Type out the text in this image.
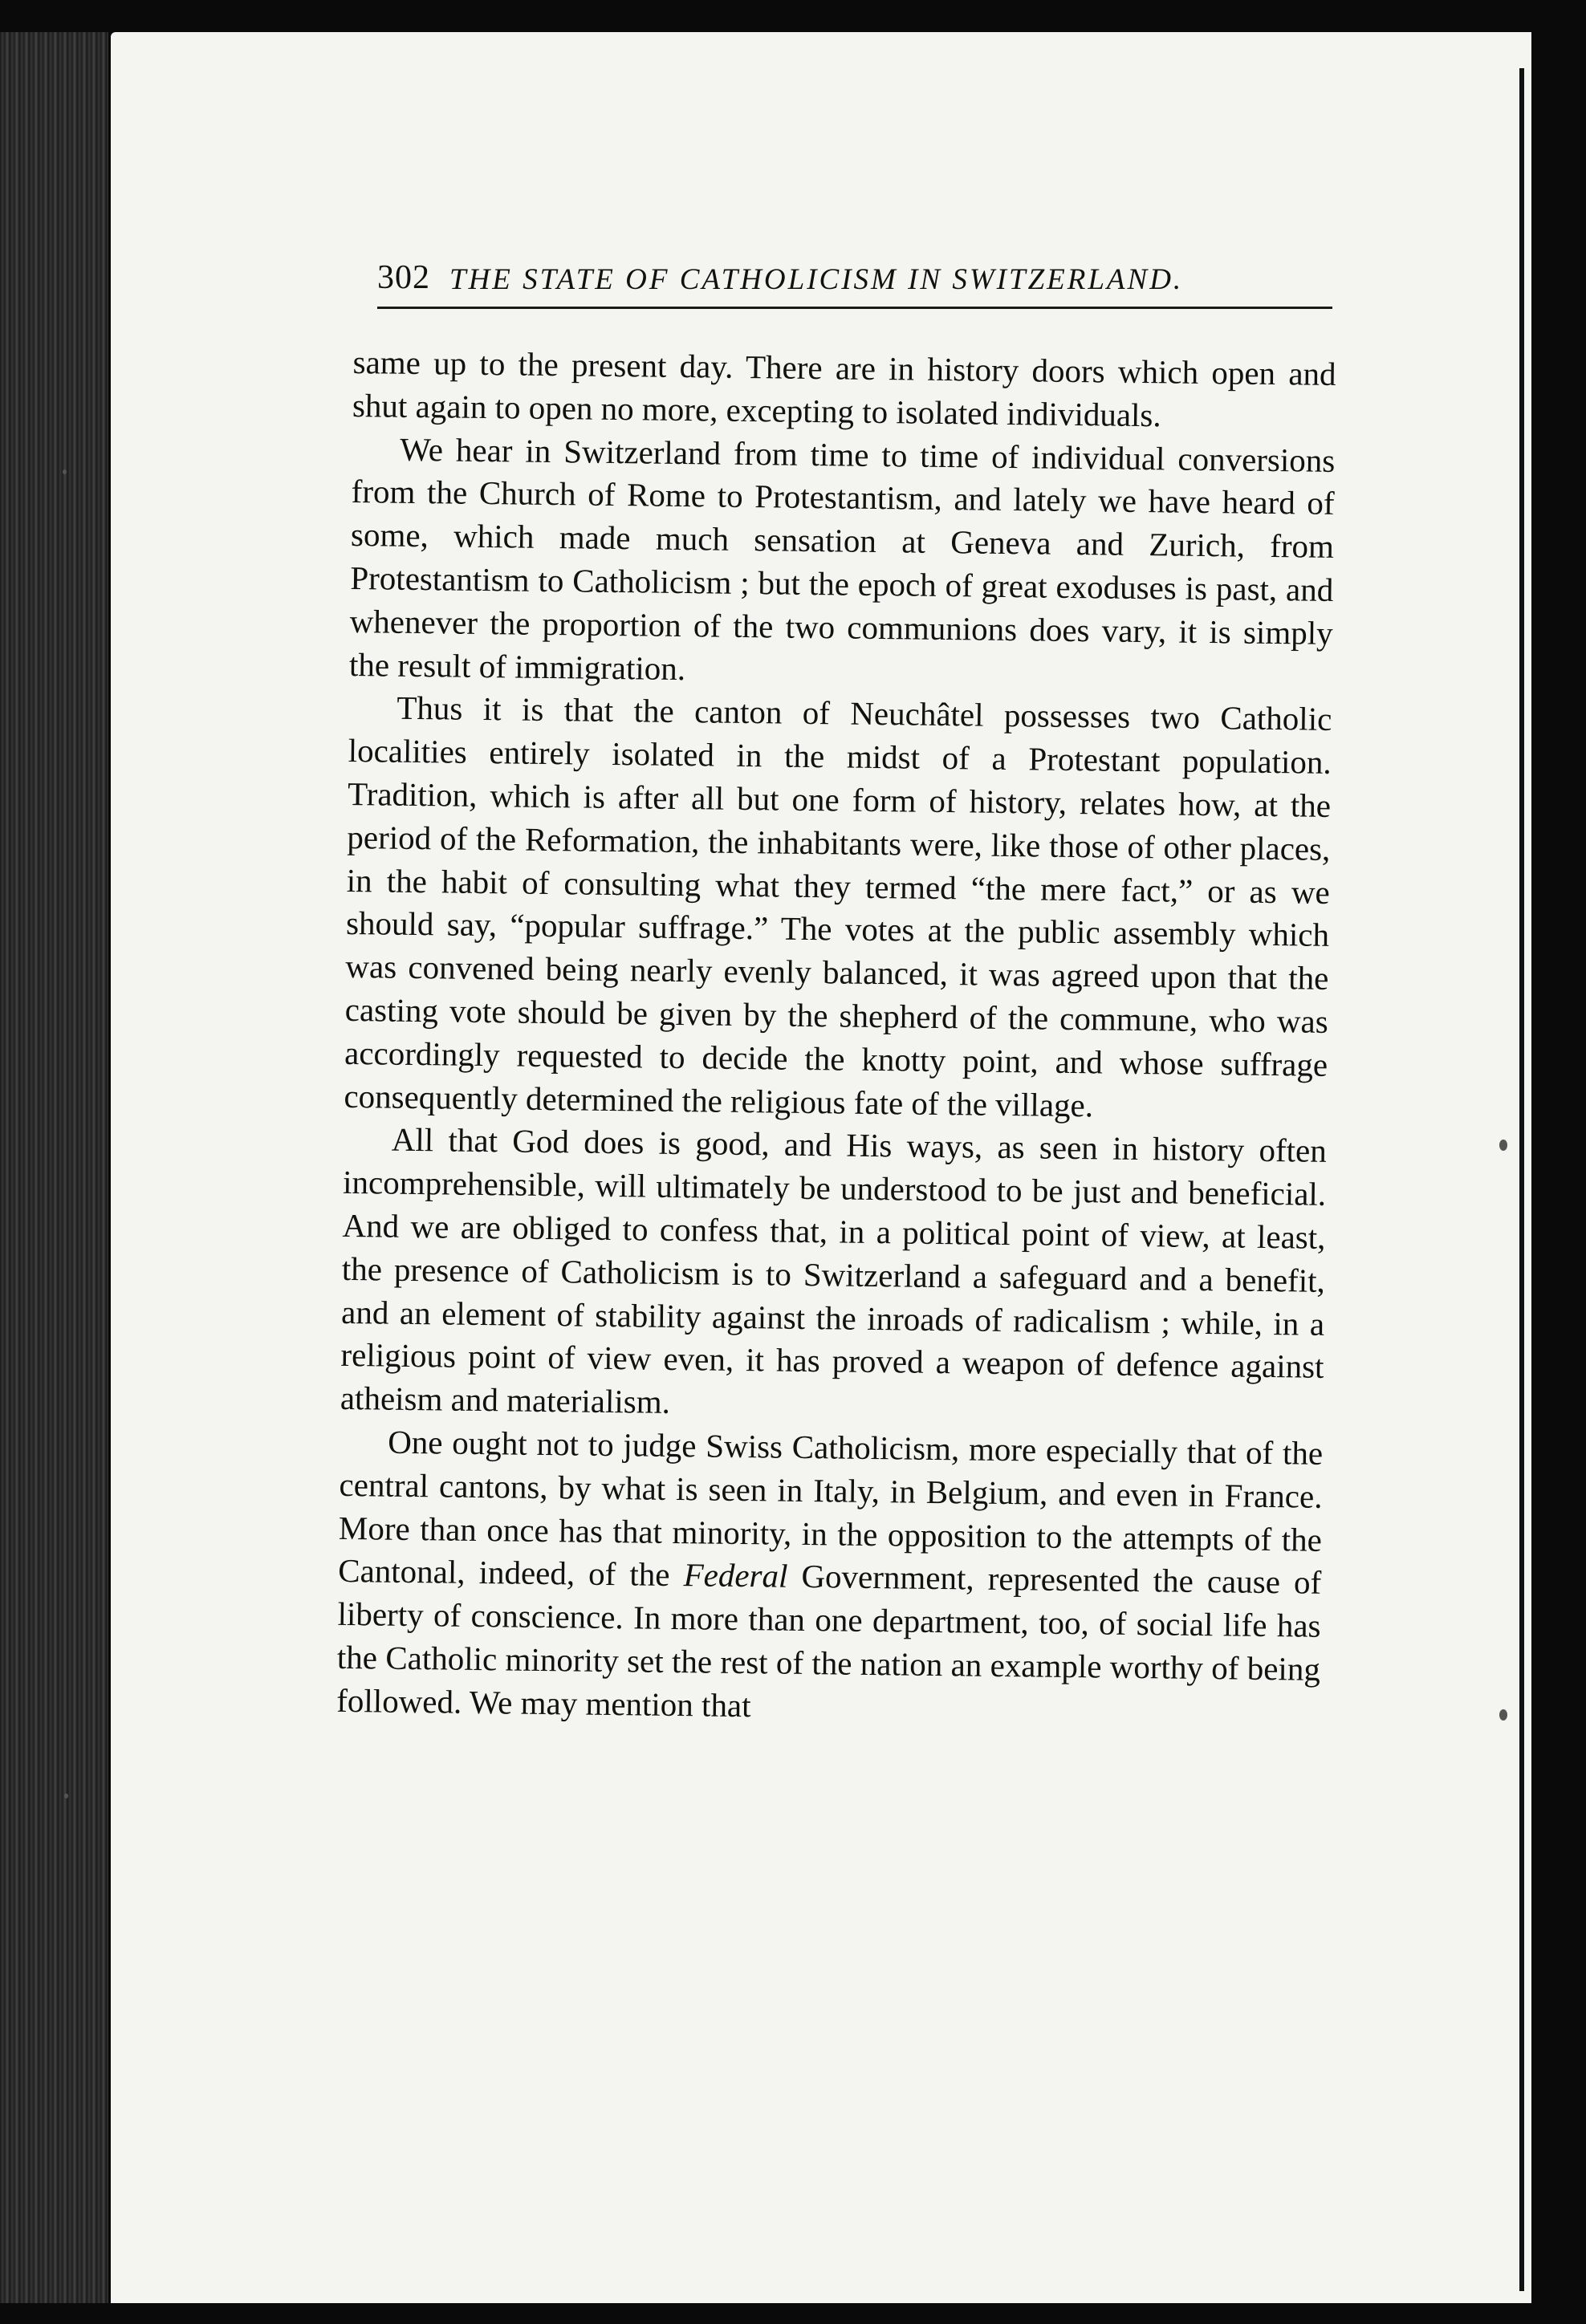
302 THE STATE OF CATHOLICISM IN SWITZERLAND.

same up to the present day. There are in history doors which open and shut again to open no more, excepting to isolated individuals.

We hear in Switzerland from time to time of individual conversions from the Church of Rome to Protestantism, and lately we have heard of some, which made much sensation at Geneva and Zurich, from Protestantism to Catholicism ; but the epoch of great exoduses is past, and whenever the proportion of the two communions does vary, it is simply the result of immigration.

Thus it is that the canton of Neuchâtel possesses two Catholic localities entirely isolated in the midst of a Protestant population. Tradition, which is after all but one form of history, relates how, at the period of the Reformation, the inhabitants were, like those of other places, in the habit of consulting what they termed “the mere fact,” or as we should say, “popular suffrage.” The votes at the public assembly which was convened being nearly evenly balanced, it was agreed upon that the casting vote should be given by the shepherd of the commune, who was accordingly requested to decide the knotty point, and whose suffrage consequently determined the religious fate of the village.

All that God does is good, and His ways, as seen in history often incomprehensible, will ultimately be understood to be just and beneficial. And we are obliged to confess that, in a political point of view, at least, the presence of Catholicism is to Switzerland a safeguard and a benefit, and an element of stability against the inroads of radicalism ; while, in a religious point of view even, it has proved a weapon of defence against atheism and materialism.

One ought not to judge Swiss Catholicism, more especially that of the central cantons, by what is seen in Italy, in Belgium, and even in France. More than once has that minority, in the opposition to the attempts of the Cantonal, indeed, of the Federal Government, represented the cause of liberty of conscience. In more than one department, too, of social life has the Catholic minority set the rest of the nation an example worthy of being followed. We may mention that
